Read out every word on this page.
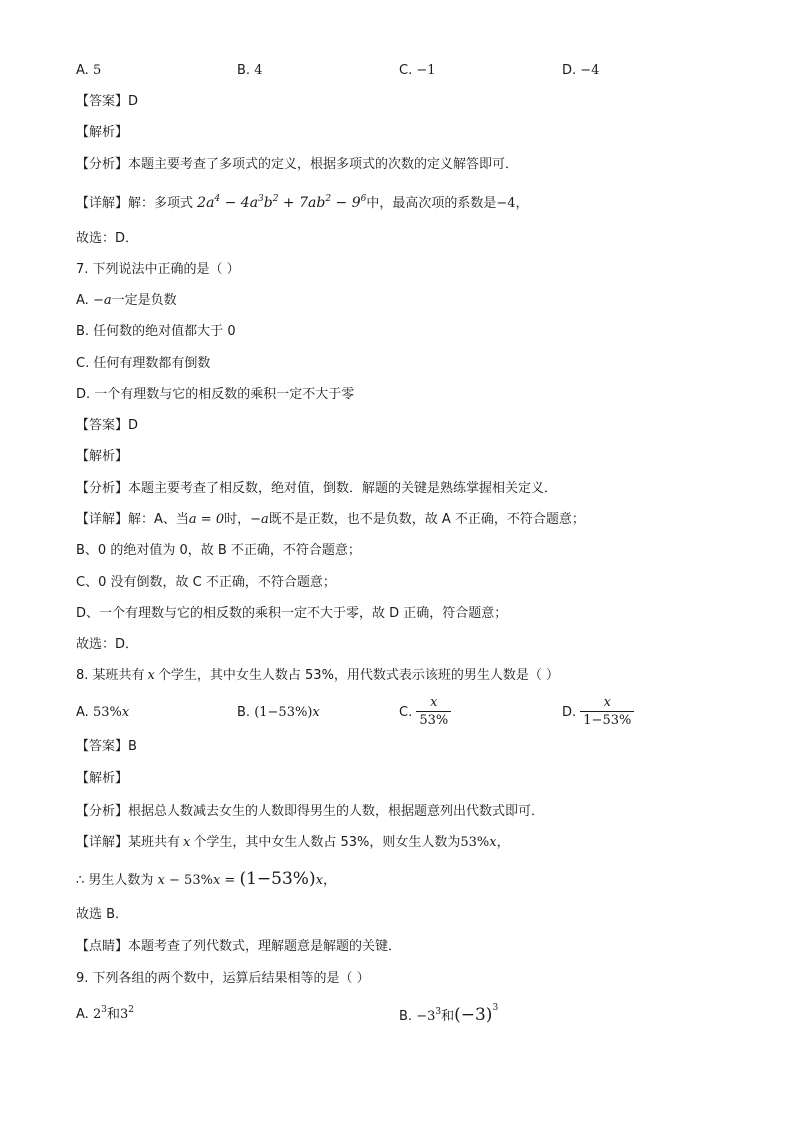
A. 5	B. 4	C. −1	D. −4
【答案】D
【解析】
【分析】本题主要考查了多项式的定义，根据多项式的次数的定义解答即可．
【详解】解：多项式 $2a^4 - 4a^3b^2 + 7ab^2 - 9^6$中，最高次项的系数是−4，
故选：D．
7. 下列说法中正确的是（ ）
A. −a一定是负数
B. 任何数的绝对值都大于 0
C. 任何有理数都有倒数
D. 一个有理数与它的相反数的乘积一定不大于零
【答案】D
【解析】
【分析】本题主要考查了相反数，绝对值，倒数．解题的关键是熟练掌握相关定义．
【详解】解：A、当a = 0时，−a既不是正数，也不是负数，故 A 不正确，不符合题意；
B、0 的绝对值为 0，故 B 不正确，不符合题意；
C、0 没有倒数，故 C 不正确，不符合题意；
D、一个有理数与它的相反数的乘积一定不大于零，故 D 正确，符合题意；
故选：D．
8. 某班共有 x 个学生，其中女生人数占 53%，用代数式表示该班的男生人数是（ ）
A. 53%x	B. (1−53%)x	C. $\frac{x}{53\%}$	D. $\frac{x}{1-53\%}$
【答案】B
【解析】
【分析】根据总人数减去女生的人数即得男生的人数，根据题意列出代数式即可．
【详解】某班共有 x 个学生，其中女生人数占 53%，则女生人数为53%x，
∴ 男生人数为 x − 53%x = (1−53%)x，
故选 B．
【点睛】本题考查了列代数式，理解题意是解题的关键．
9. 下列各组的两个数中，运算后结果相等的是（ ）
A. $2^3$和$3^2$	B. $-3^3$和$(-3)^3$
